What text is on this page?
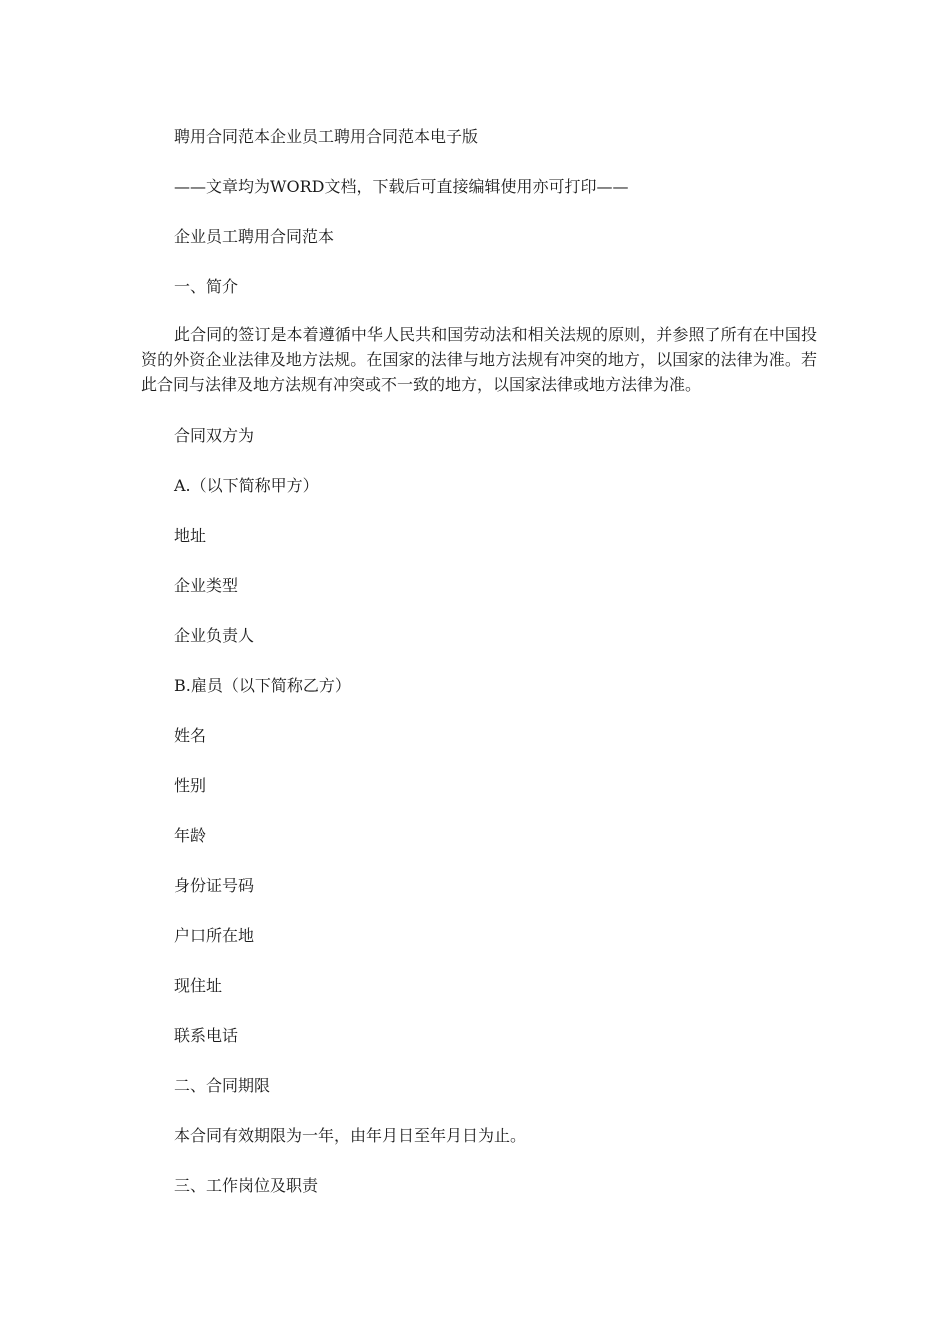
聘用合同范本企业员工聘用合同范本电子版
——文章均为WORD文档，下载后可直接编辑使用亦可打印——
企业员工聘用合同范本
一、简介
此合同的签订是本着遵循中华人民共和国劳动法和相关法规的原则，并参照了所有在中国投资的外资企业法律及地方法规。在国家的法律与地方法规有冲突的地方，以国家的法律为准。若此合同与法律及地方法规有冲突或不一致的地方，以国家法律或地方法律为准。
合同双方为
A.（以下简称甲方）
地址
企业类型
企业负责人
B.雇员（以下简称乙方）
姓名
性别
年龄
身份证号码
户口所在地
现住址
联系电话
二、合同期限
本合同有效期限为一年，由年月日至年月日为止。
三、工作岗位及职责
